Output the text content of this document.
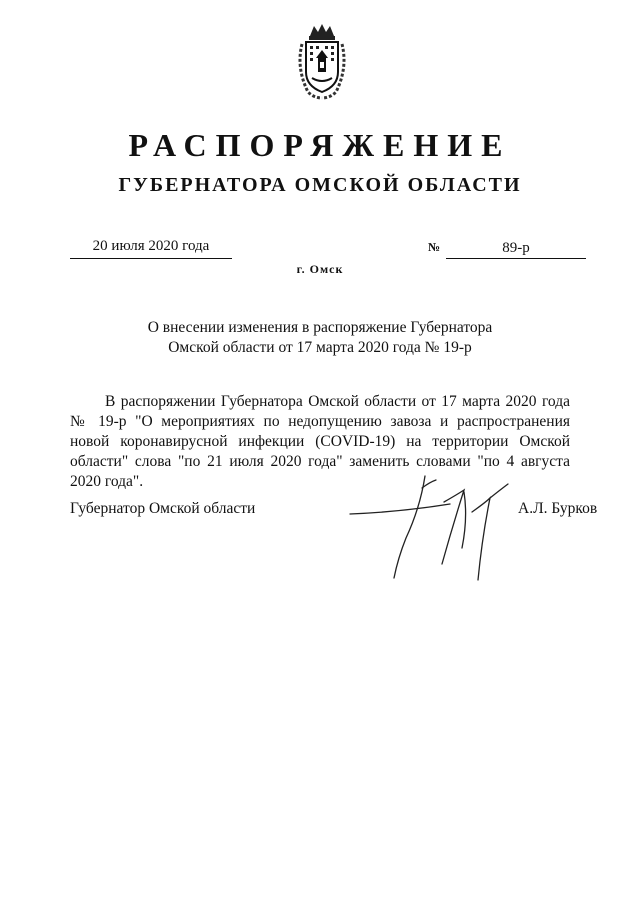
РАСПОРЯЖЕНИЕ
ГУБЕРНАТОРА ОМСКОЙ ОБЛАСТИ
20 июля 2020 года	№	89-р
г. Омск
О внесении изменения в распоряжение Губернатора
Омской области от 17 марта 2020 года № 19-р

В распоряжении Губернатора Омской области от 17 марта 2020 года № 19-р "О мероприятиях по недопущению завоза и распространения новой коронавирусной инфекции (COVID-19) на территории Омской области" слова "по 21 июля 2020 года" заменить словами "по 4 августа 2020 года".

Губернатор Омской области	А.Л. Бурков
